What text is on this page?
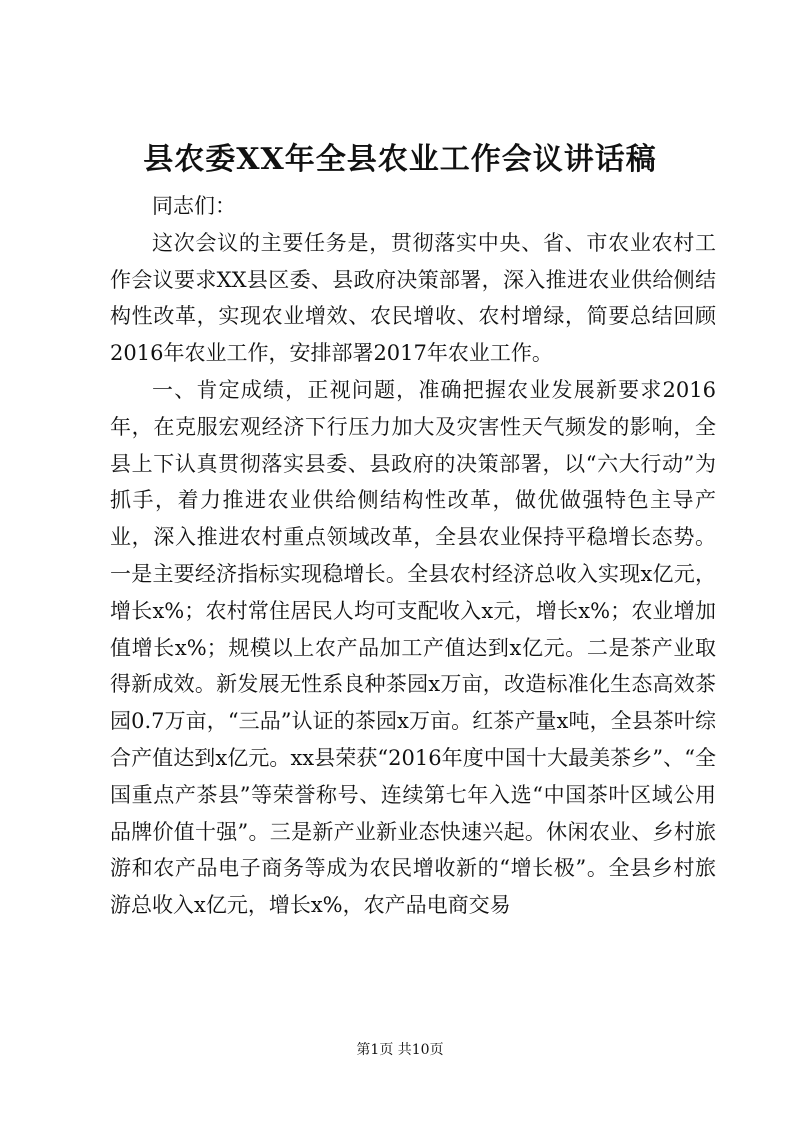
县农委XX年全县农业工作会议讲话稿

同志们：

这次会议的主要任务是，贯彻落实中央、省、市农业农村工作会议要求XX县区委、县政府决策部署，深入推进农业供给侧结构性改革，实现农业增效、农民增收、农村增绿，简要总结回顾2016年农业工作，安排部署2017年农业工作。

一、肯定成绩，正视问题，准确把握农业发展新要求2016年，在克服宏观经济下行压力加大及灾害性天气频发的影响，全县上下认真贯彻落实县委、县政府的决策部署，以“六大行动”为抓手，着力推进农业供给侧结构性改革，做优做强特色主导产业，深入推进农村重点领域改革，全县农业保持平稳增长态势。一是主要经济指标实现稳增长。全县农村经济总收入实现x亿元，增长x%；农村常住居民人均可支配收入x元，增长x%；农业增加值增长x%；规模以上农产品加工产值达到x亿元。二是茶产业取得新成效。新发展无性系良种茶园x万亩，改造标准化生态高效茶园0.7万亩，“三品”认证的茶园x万亩。红茶产量x吨，全县茶叶综合产值达到x亿元。xx县荣获“2016年度中国十大最美茶乡”、“全国重点产茶县”等荣誉称号、连续第七年入选“中国茶叶区域公用品牌价值十强”。三是新产业新业态快速兴起。休闲农业、乡村旅游和农产品电子商务等成为农民增收新的“增长极”。全县乡村旅游总收入x亿元，增长x%，农产品电商交易

第1页 共10页
